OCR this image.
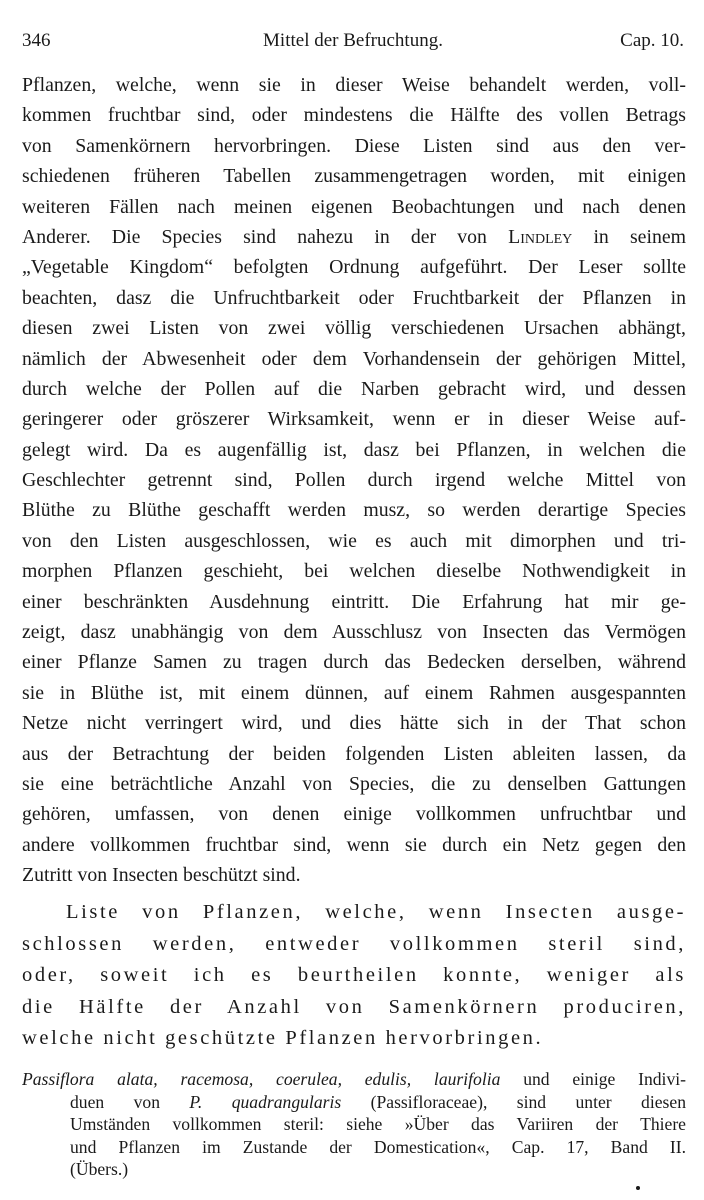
346	Mittel der Befruchtung.	Cap. 10.
Pflanzen, welche, wenn sie in dieser Weise behandelt werden, voll-
kommen fruchtbar sind, oder mindestens die Hälfte des vollen Betrags
von Samenkörnern hervorbringen. Diese Listen sind aus den ver-
schiedenen früheren Tabellen zusammengetragen worden, mit einigen
weiteren Fällen nach meinen eigenen Beobachtungen und nach denen
Anderer. Die Species sind nahezu in der von Lindley in seinem
„Vegetable Kingdom“ befolgten Ordnung aufgeführt. Der Leser sollte
beachten, dasz die Unfruchtbarkeit oder Fruchtbarkeit der Pflanzen in
diesen zwei Listen von zwei völlig verschiedenen Ursachen abhängt,
nämlich der Abwesenheit oder dem Vorhandensein der gehörigen Mittel,
durch welche der Pollen auf die Narben gebracht wird, und dessen
geringerer oder gröszerer Wirksamkeit, wenn er in dieser Weise auf-
gelegt wird. Da es augenfällig ist, dasz bei Pflanzen, in welchen die
Geschlechter getrennt sind, Pollen durch irgend welche Mittel von
Blüthe zu Blüthe geschafft werden musz, so werden derartige Species
von den Listen ausgeschlossen, wie es auch mit dimorphen und tri-
morphen Pflanzen geschieht, bei welchen dieselbe Nothwendigkeit in
einer beschränkten Ausdehnung eintritt. Die Erfahrung hat mir ge-
zeigt, dasz unabhängig von dem Ausschlusz von Insecten das Vermögen
einer Pflanze Samen zu tragen durch das Bedecken derselben, während
sie in Blüthe ist, mit einem dünnen, auf einem Rahmen ausgespannten
Netze nicht verringert wird, und dies hätte sich in der That schon
aus der Betrachtung der beiden folgenden Listen ableiten lassen, da
sie eine beträchtliche Anzahl von Species, die zu denselben Gattungen
gehören, umfassen, von denen einige vollkommen unfruchtbar und
andere vollkommen fruchtbar sind, wenn sie durch ein Netz gegen den
Zutritt von Insecten beschützt sind.
Liste von Pflanzen, welche, wenn Insecten ausge-
schlossen werden, entweder vollkommen steril sind,
oder, soweit ich es beurtheilen konnte, weniger als
die Hälfte der Anzahl von Samenkörnern produciren,
welche nicht geschützte Pflanzen hervorbringen.
Passiflora alata, racemosa, coerulea, edulis, laurifolia und einige Indivi-
duen von P. quadrangularis (Passifloraceae), sind unter diesen
Umständen vollkommen steril: siehe »Über das Variiren der Thiere
und Pflanzen im Zustande der Domestication«, Cap. 17, Band II.
(Übers.)
